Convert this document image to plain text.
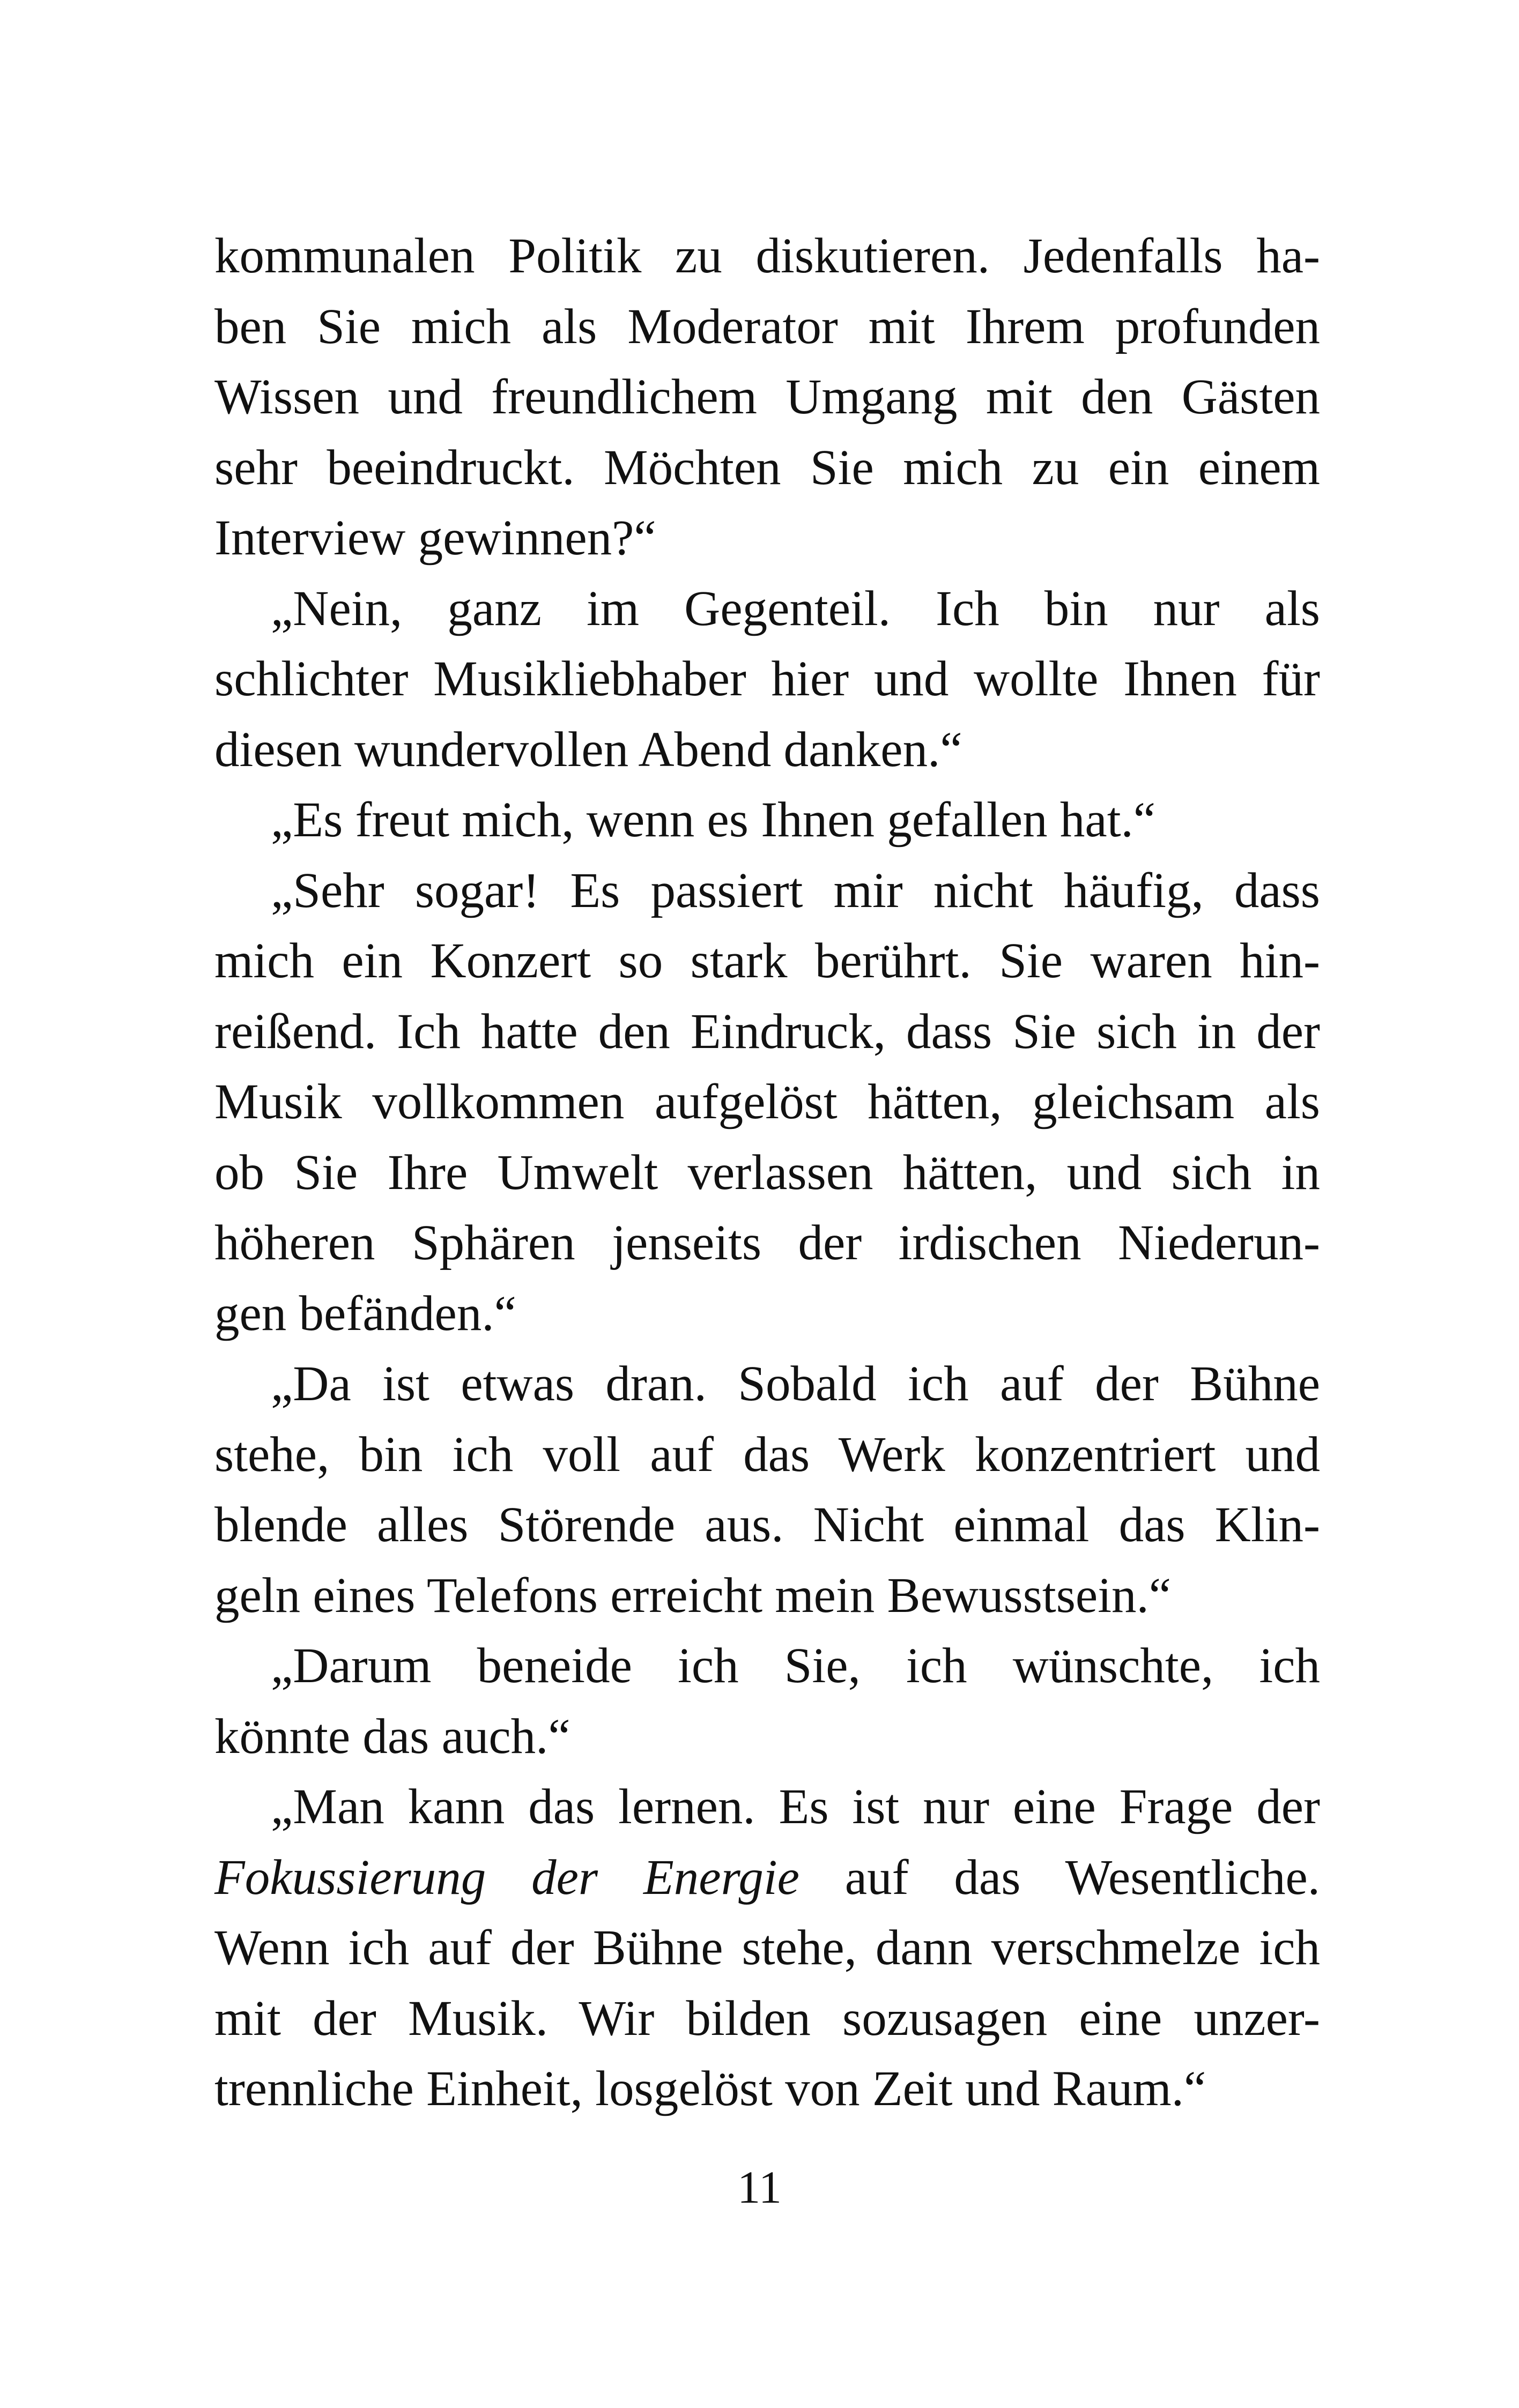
kommunalen Politik zu diskutieren. Jedenfalls ha-
ben Sie mich als Moderator mit Ihrem profunden
Wissen und freundlichem Umgang mit den Gästen
sehr beeindruckt. Möchten Sie mich zu ein einem
Interview gewinnen?“

„Nein, ganz im Gegenteil. Ich bin nur als
schlichter Musikliebhaber hier und wollte Ihnen für
diesen wundervollen Abend danken.“

„Es freut mich, wenn es Ihnen gefallen hat.“

„Sehr sogar! Es passiert mir nicht häufig, dass
mich ein Konzert so stark berührt. Sie waren hin-
reißend. Ich hatte den Eindruck, dass Sie sich in der
Musik vollkommen aufgelöst hätten, gleichsam als
ob Sie Ihre Umwelt verlassen hätten, und sich in
höheren Sphären jenseits der irdischen Niederun-
gen befänden.“

„Da ist etwas dran. Sobald ich auf der Bühne
stehe, bin ich voll auf das Werk konzentriert und
blende alles Störende aus. Nicht einmal das Klin-
geln eines Telefons erreicht mein Bewusstsein.“

„Darum beneide ich Sie, ich wünschte, ich
könnte das auch.“

„Man kann das lernen. Es ist nur eine Frage der
Fokussierung der Energie auf das Wesentliche.
Wenn ich auf der Bühne stehe, dann verschmelze ich
mit der Musik. Wir bilden sozusagen eine unzer-
trennliche Einheit, losgelöst von Zeit und Raum.“

11
